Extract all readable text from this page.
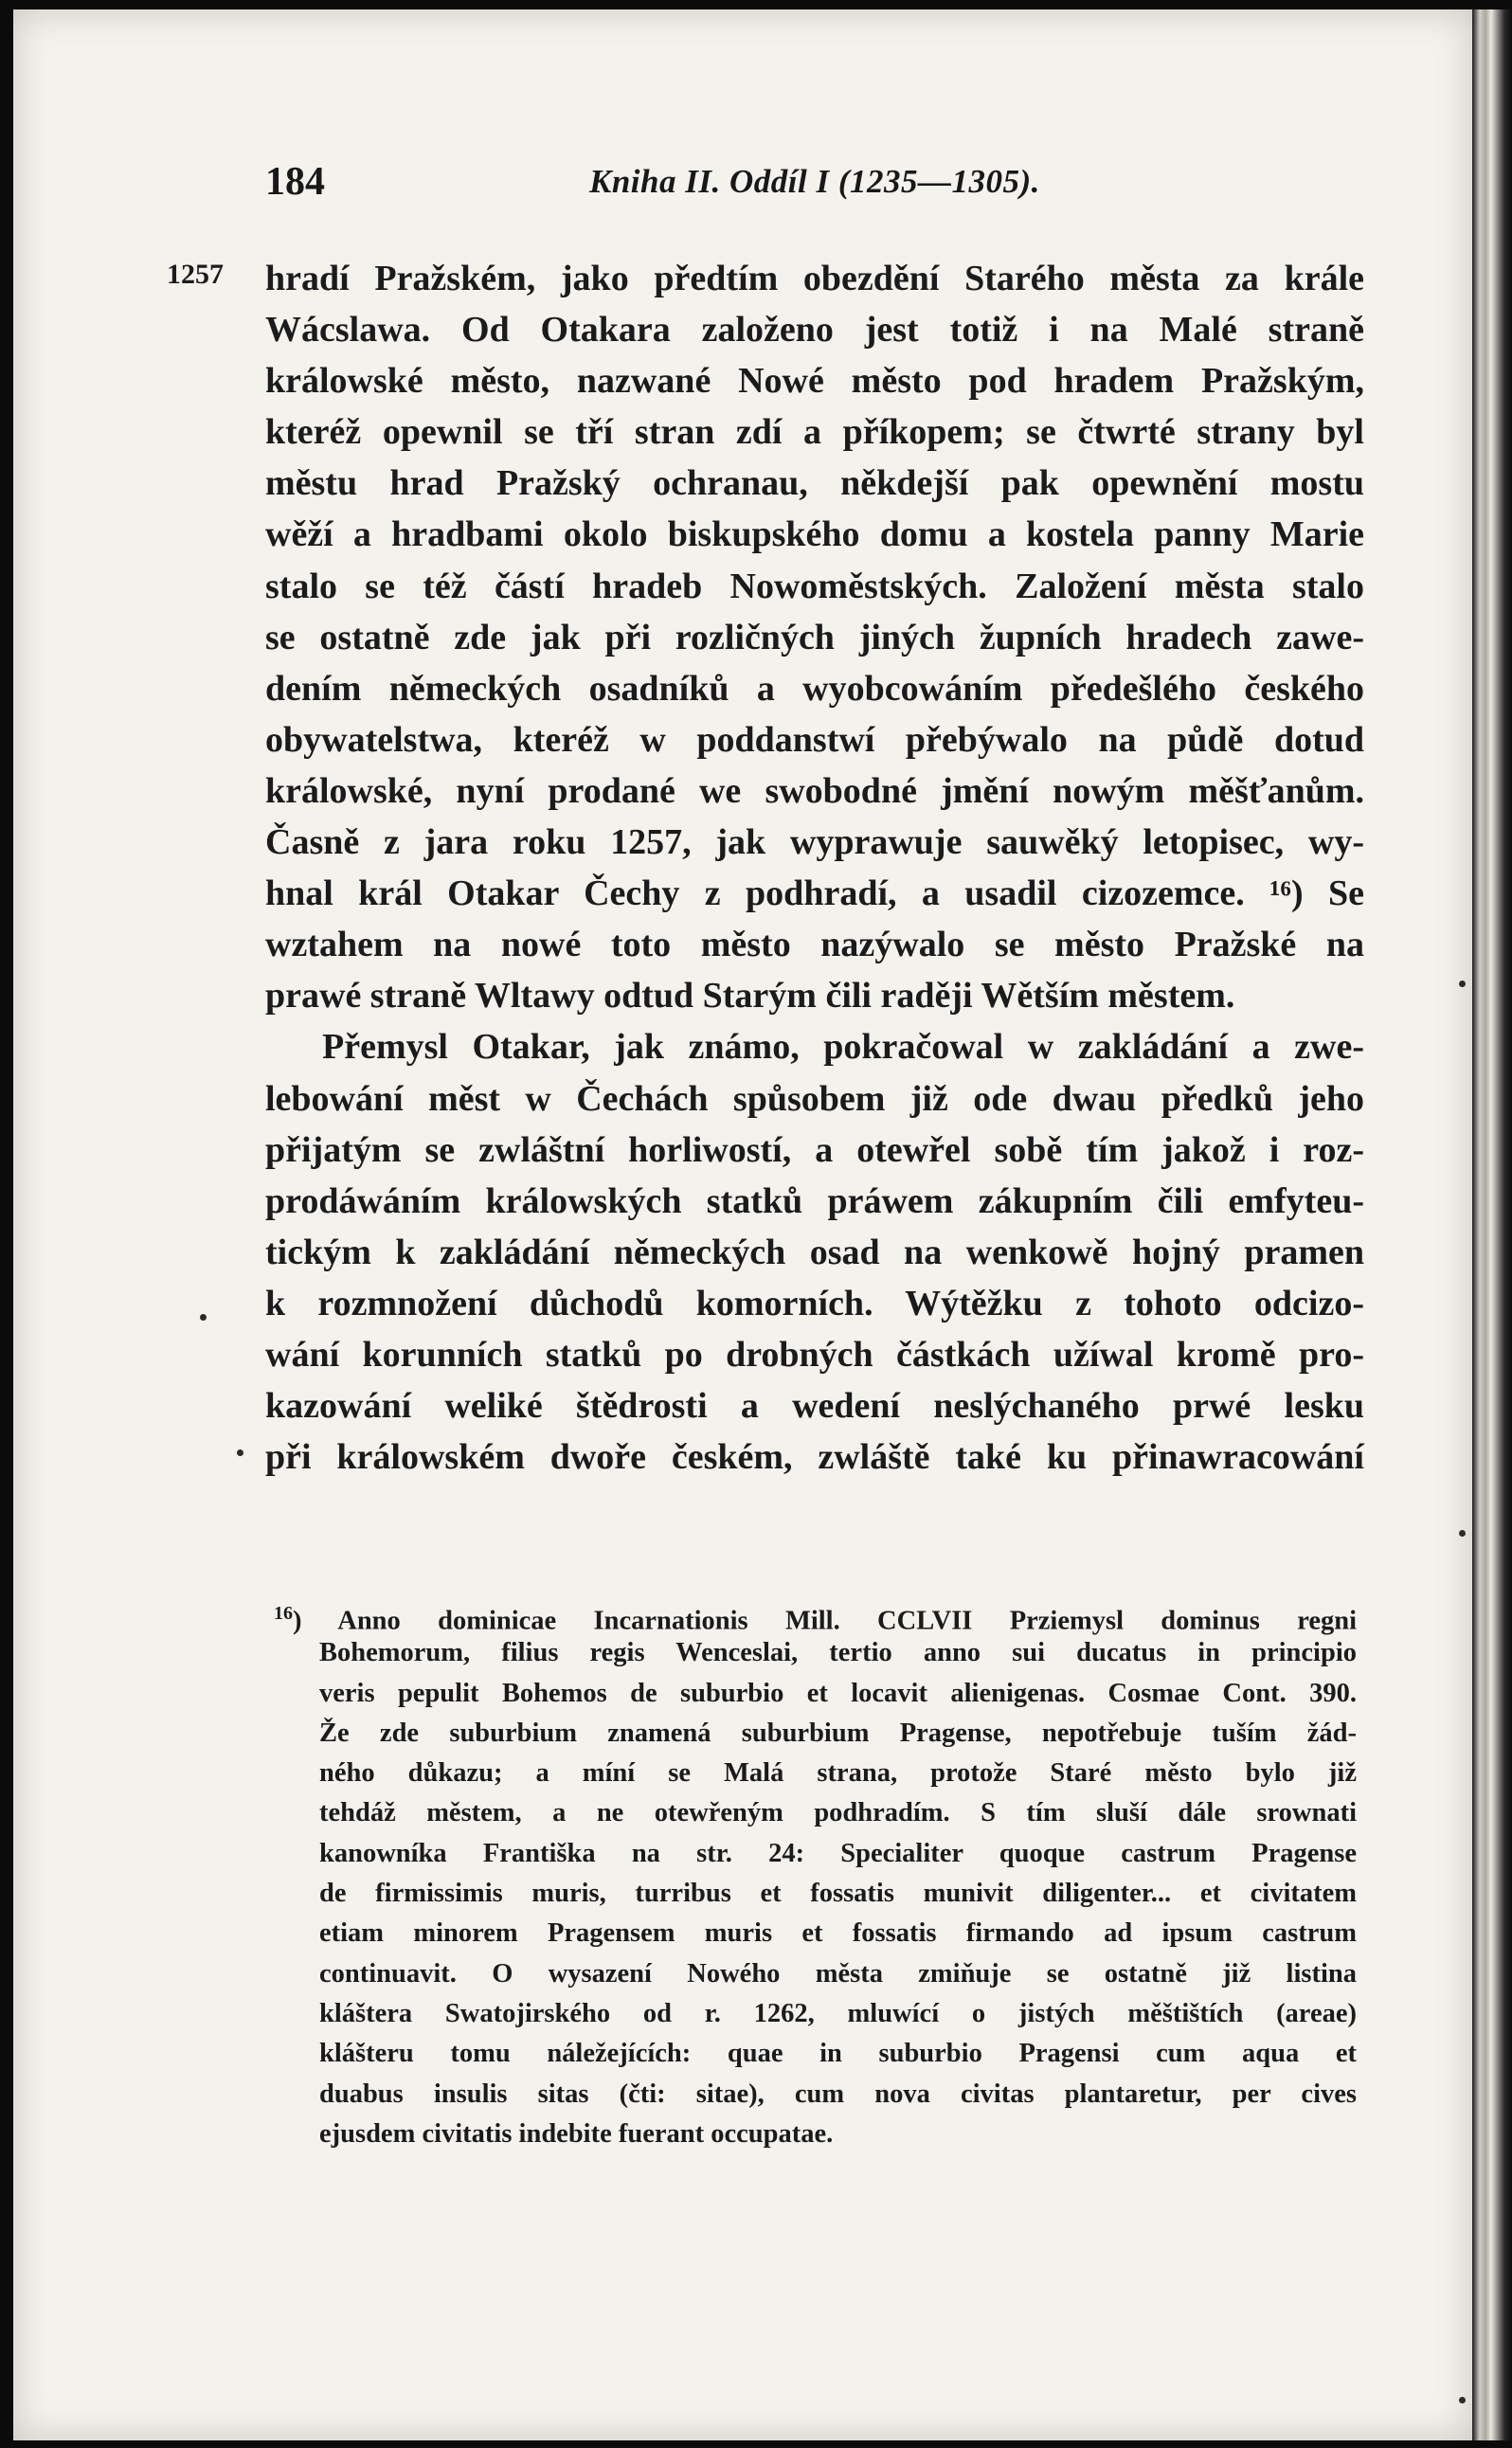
184	Kniha II. Oddíl I (1235—1305).
1257 hradí Pražském, jako předtím obezdění Starého města za krále
Wácslawa. Od Otakara založeno jest totiž i na Malé straně
králowské město, nazwané Nowé město pod hradem Pražským,
kteréž opewnil se tří stran zdí a příkopem; se čtwrté strany byl
městu hrad Pražský ochranau, někdejší pak opewnění mostu
wěží a hradbami okolo biskupského domu a kostela panny Marie
stalo se též částí hradeb Nowoměstských. Založení města stalo
se ostatně zde jak při rozličných jiných župních hradech zawe-
dením německých osadníků a wyobcowáním předešlého českého
obywatelstwa, kteréž w poddanstwí přebýwalo na půdě dotud
králowské, nyní prodané we swobodné jmění nowým měšťanům.
Časně z jara roku 1257, jak wyprawuje sauwěký letopisec, wy-
hnal král Otakar Čechy z podhradí, a usadil cizozemce. ¹⁶) Se
wztahem na nowé toto město nazýwalo se město Pražské na
prawé straně Wltawy odtud Starým čili raději Wětším městem.
Přemysl Otakar, jak známo, pokračowal w zakládání a zwe-
lebowání měst w Čechách spůsobem již ode dwau předků jeho
přijatým se zwláštní horliwostí, a otewřel sobě tím jakož i roz-
prodáwáním králowských statků práwem zákupním čili emfyteu-
tickým k zakládání německých osad na wenkowě hojný pramen
k rozmnožení důchodů komorních. Wýtěžku z tohoto odcizo-
wání korunních statků po drobných částkách užíwal kromě pro-
kazowání weliké štědrosti a wedení neslýchaného prwé lesku
při králowském dwoře českém, zwláště také ku přinawracowání
$^{16}$) Anno dominicae Incarnationis Mill. CCLVII Przіemysl dominus regni
Bohemorum, filius regis Wenceslai, tertio anno sui ducatus in principio
veris pepulit Bohemos de suburbio et locavit alienigenas. Cosmae Cont. 390.
Že zde suburbium znamená suburbium Pragense, nepotřebuje tuším žád-
ného důkazu; a míní se Malá strana, protože Staré město bylo již
tehdáž městem, a ne otewřeným podhradím. S tím sluší dále srownati
kanowníka Františka na str. 24: Specialiter quoque castrum Pragense
de firmissimis muris, turribus et fossatis munivit diligenter... et civitatem
etiam minorem Pragensem muris et fossatis firmando ad ipsum castrum
continuavit. O wysazení Nowého města zmiňuje se ostatně již listina
kláštera Swatojirského od r. 1262, mluwící o jistých měštištích (areae)
kláštеru tomu náležejících: quae in suburbio Pragensi cum aqua et
duabus insulis sitas (čti: sitae), cum nova civitas plantaretur, per cives
ejusdem civitatis indebite fuerant occupatae.
